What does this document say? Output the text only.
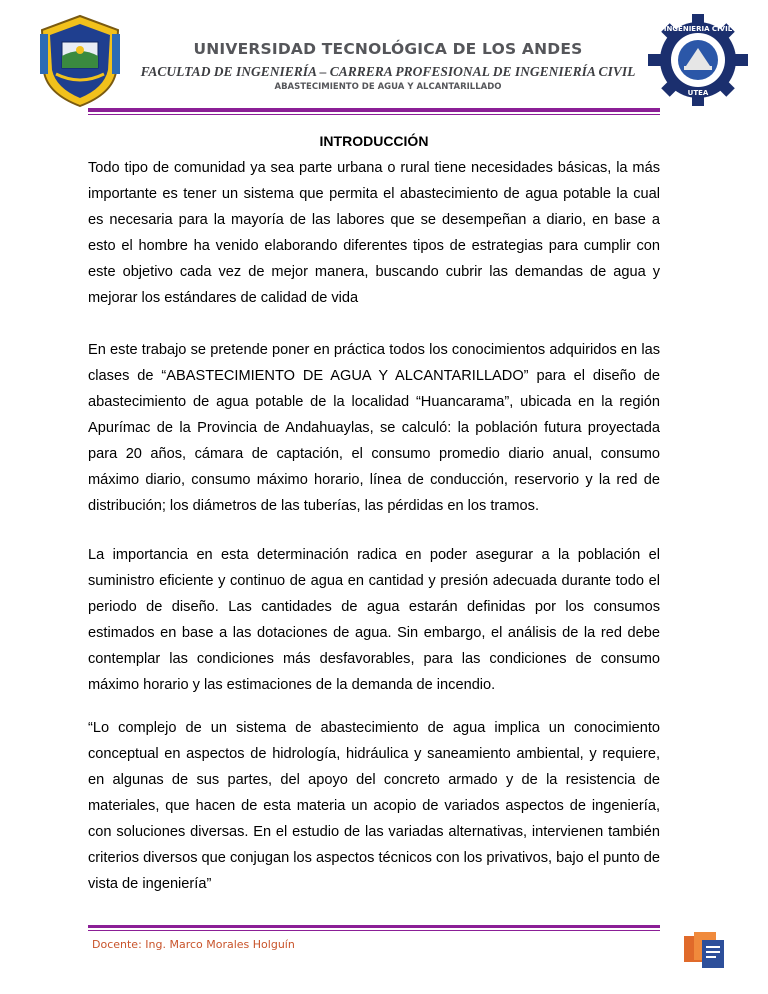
INGENIERIA CIVIL
UTEA
UNIVERSIDAD TECNOLÓGICA DE LOS ANDES
FACULTAD DE INGENIERÍA – CARRERA PROFESIONAL DE INGENIERÍA CIVIL
ABASTECIMIENTO DE AGUA Y ALCANTARILLADO
INTRODUCCIÓN

Todo tipo de comunidad ya sea parte urbana o rural tiene necesidades básicas, la más importante es tener un sistema que permita el abastecimiento de agua potable la cual es necesaria para la mayoría de las labores que se desempeñan a diario, en base a esto el hombre ha venido elaborando diferentes tipos de estrategias para cumplir con este objetivo cada vez de mejor manera, buscando cubrir las demandas de agua y mejorar los estándares de calidad de vida

En este trabajo se pretende poner en práctica todos los conocimientos adquiridos en las clases de “ABASTECIMIENTO DE AGUA Y ALCANTARILLADO” para el diseño de abastecimiento de agua potable de la localidad “Huancarama”, ubicada en la región Apurímac de la Provincia de Andahuaylas, se calculó: la población futura proyectada para 20 años, cámara de captación, el consumo promedio diario anual, consumo máximo diario, consumo máximo horario, línea de conducción, reservorio y la red de distribución; los diámetros de las tuberías, las pérdidas en los tramos.

La importancia en esta determinación radica en poder asegurar a la población el suministro eficiente y continuo de agua en cantidad y presión adecuada durante todo el periodo de diseño. Las cantidades de agua estarán definidas por los consumos estimados en base a las dotaciones de agua. Sin embargo, el análisis de la red debe contemplar las condiciones más desfavorables, para las condiciones de consumo máximo horario y las estimaciones de la demanda de incendio.

“Lo complejo de un sistema de abastecimiento de agua implica un conocimiento conceptual en aspectos de hidrología, hidráulica y saneamiento ambiental, y requiere, en algunas de sus partes, del apoyo del concreto armado y de la resistencia de materiales, que hacen de esta materia un acopio de variados aspectos de ingeniería, con soluciones diversas. En el estudio de las variadas alternativas, intervienen también criterios diversos que conjugan los aspectos técnicos con los privativos, bajo el punto de vista de ingeniería”

Docente: Ing. Marco Morales Holguín
